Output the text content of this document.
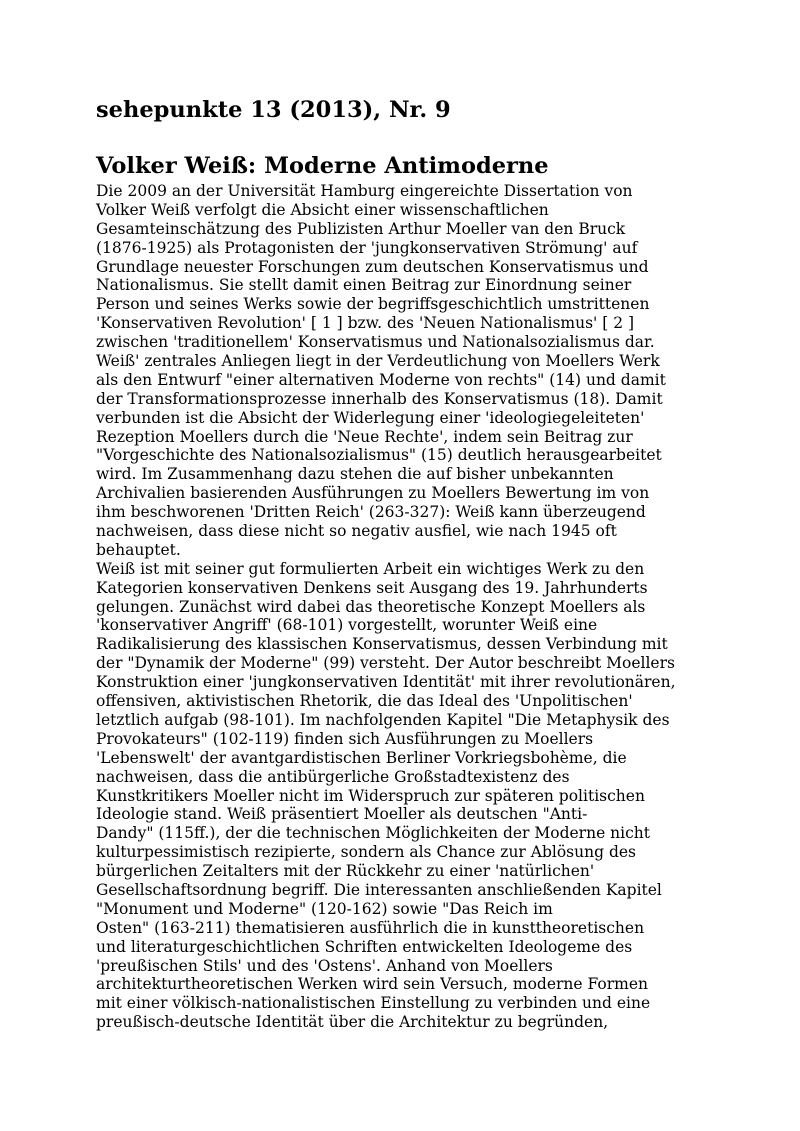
sehepunkte 13 (2013), Nr. 9
Volker Weiß: Moderne Antimoderne
Die 2009 an der Universität Hamburg eingereichte Dissertation von
Volker Weiß verfolgt die Absicht einer wissenschaftlichen
Gesamteinschätzung des Publizisten Arthur Moeller van den Bruck
(1876-1925) als Protagonisten der 'jungkonservativen Strömung' auf
Grundlage neuester Forschungen zum deutschen Konservatismus und
Nationalismus. Sie stellt damit einen Beitrag zur Einordnung seiner
Person und seines Werks sowie der begriffsgeschichtlich umstrittenen
'Konservativen Revolution' [ 1 ] bzw. des 'Neuen Nationalismus' [ 2 ]
zwischen 'traditionellem' Konservatismus und Nationalsozialismus dar.
Weiß' zentrales Anliegen liegt in der Verdeutlichung von Moellers Werk
als den Entwurf "einer alternativen Moderne von rechts" (14) und damit
der Transformationsprozesse innerhalb des Konservatismus (18). Damit
verbunden ist die Absicht der Widerlegung einer 'ideologiegeleiteten'
Rezeption Moellers durch die 'Neue Rechte', indem sein Beitrag zur
"Vorgeschichte des Nationalsozialismus" (15) deutlich herausgearbeitet
wird. Im Zusammenhang dazu stehen die auf bisher unbekannten
Archivalien basierenden Ausführungen zu Moellers Bewertung im von
ihm beschworenen 'Dritten Reich' (263-327): Weiß kann überzeugend
nachweisen, dass diese nicht so negativ ausfiel, wie nach 1945 oft
behauptet.
Weiß ist mit seiner gut formulierten Arbeit ein wichtiges Werk zu den
Kategorien konservativen Denkens seit Ausgang des 19. Jahrhunderts
gelungen. Zunächst wird dabei das theoretische Konzept Moellers als
'konservativer Angriff' (68-101) vorgestellt, worunter Weiß eine
Radikalisierung des klassischen Konservatismus, dessen Verbindung mit
der "Dynamik der Moderne" (99) versteht. Der Autor beschreibt Moellers
Konstruktion einer 'jungkonservativen Identität' mit ihrer revolutionären,
offensiven, aktivistischen Rhetorik, die das Ideal des 'Unpolitischen'
letztlich aufgab (98-101). Im nachfolgenden Kapitel "Die Metaphysik des
Provokateurs" (102-119) finden sich Ausführungen zu Moellers
'Lebenswelt' der avantgardistischen Berliner Vorkriegsbohème, die
nachweisen, dass die antibürgerliche Großstadtexistenz des
Kunstkritikers Moeller nicht im Widerspruch zur späteren politischen
Ideologie stand. Weiß präsentiert Moeller als deutschen "Anti-
Dandy" (115ff.), der die technischen Möglichkeiten der Moderne nicht
kulturpessimistisch rezipierte, sondern als Chance zur Ablösung des
bürgerlichen Zeitalters mit der Rückkehr zu einer 'natürlichen'
Gesellschaftsordnung begriff. Die interessanten anschließenden Kapitel
"Monument und Moderne" (120-162) sowie "Das Reich im
Osten" (163-211) thematisieren ausführlich die in kunsttheoretischen
und literaturgeschichtlichen Schriften entwickelten Ideologeme des
'preußischen Stils' und des 'Ostens'. Anhand von Moellers
architekturtheoretischen Werken wird sein Versuch, moderne Formen
mit einer völkisch-nationalistischen Einstellung zu verbinden und eine
preußisch-deutsche Identität über die Architektur zu begründen,
